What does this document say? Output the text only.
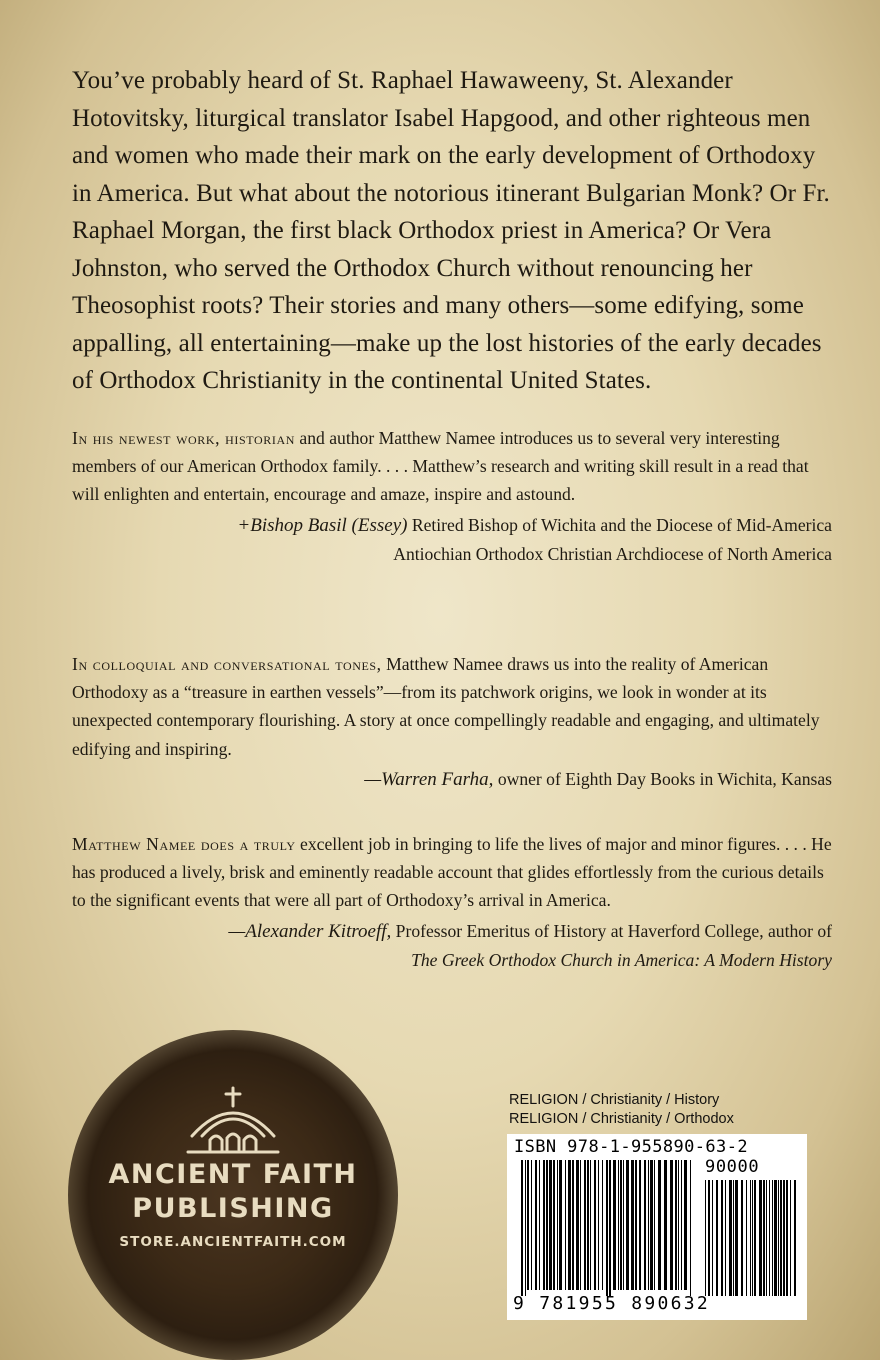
You’ve probably heard of St. Raphael Hawaweeny, St. Alexander Hotovitsky, liturgical translator Isabel Hapgood, and other righteous men and women who made their mark on the early development of Orthodoxy in America. But what about the notorious itinerant Bulgarian Monk? Or Fr. Raphael Morgan, the first black Orthodox priest in America? Or Vera Johnston, who served the Orthodox Church without renouncing her Theosophist roots? Their stories and many others—some edifying, some appalling, all entertaining—make up the lost histories of the early decades of Orthodox Christianity in the continental United States.

In his newest work, historian and author Matthew Namee introduces us to several very interesting members of our American Orthodox family. . . . Matthew’s research and writing skill result in a read that will enlighten and entertain, encourage and amaze, inspire and astound.

+Bishop Basil (Essey) Retired Bishop of Wichita and the Diocese of Mid-America
Antiochian Orthodox Christian Archdiocese of North America

In colloquial and conversational tones, Matthew Namee draws us into the reality of American Orthodoxy as a “treasure in earthen vessels”—from its patchwork origins, we look in wonder at its unexpected contemporary flourishing. A story at once compellingly readable and engaging, and ultimately edifying and inspiring.

—Warren Farha, owner of Eighth Day Books in Wichita, Kansas

Matthew Namee does a truly excellent job in bringing to life the lives of major and minor figures. . . . He has produced a lively, brisk and eminently readable account that glides effortlessly from the curious details to the significant events that were all part of Orthodoxy’s arrival in America.

—Alexander Kitroeff, Professor Emeritus of History at Haverford College, author of
The Greek Orthodox Church in America: A Modern History
ANCIENT FAITH
PUBLISHING
STORE.ANCIENTFAITH.COM
RELIGION / Christianity / History
RELIGION / Christianity / Orthodox
ISBN 978-1-955890-63-2
90000
9 781955 890632
